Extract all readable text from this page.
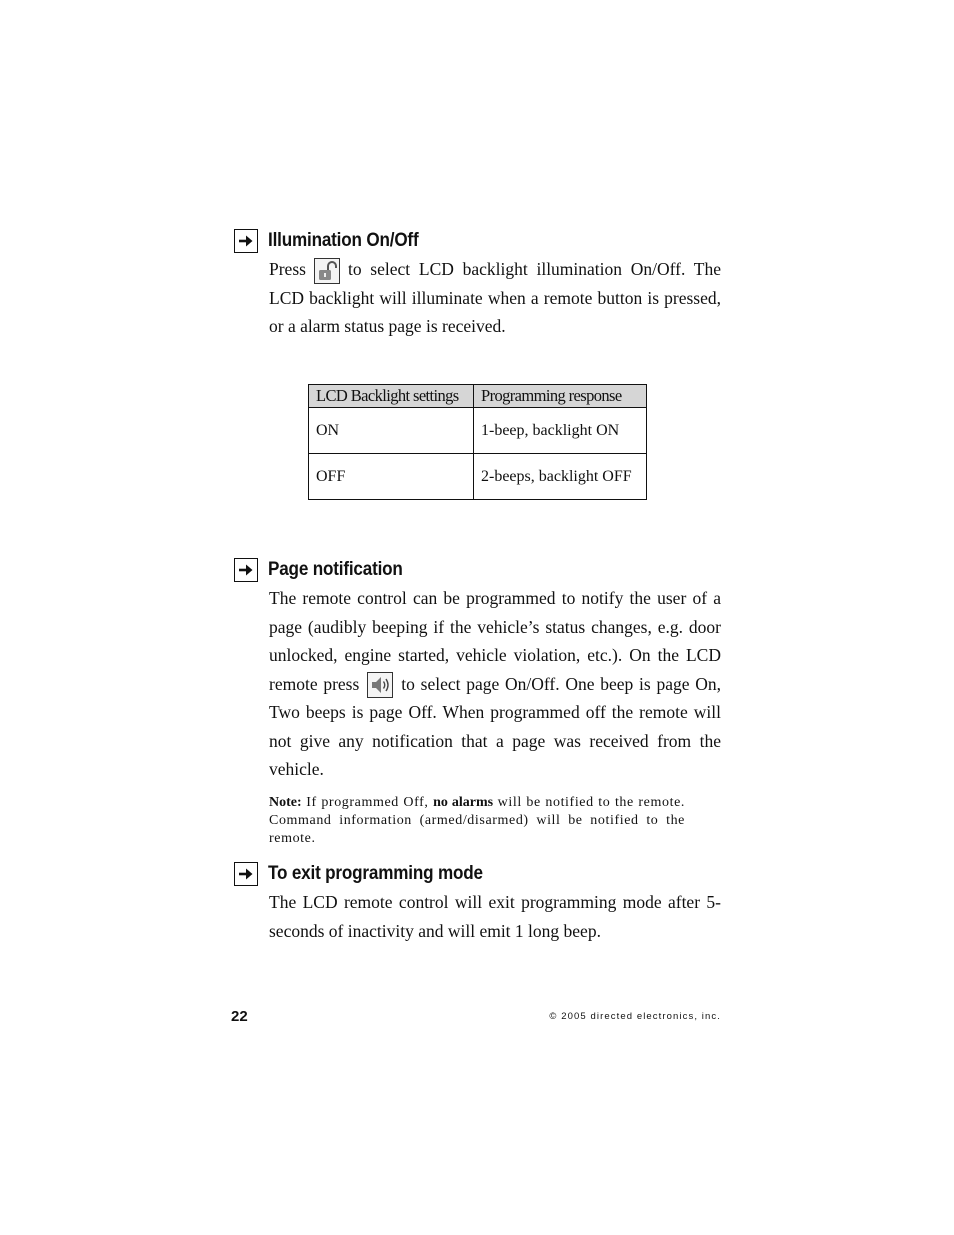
Illumination On/Off
Press to select LCD backlight illumination On/Off. The LCD backlight will illuminate when a remote button is pressed, or a alarm status page is received.
LCD Backlight settings	Programming response
ON	1-beep, backlight ON
OFF	2-beeps, backlight OFF
Page notification
The remote control can be programmed to notify the user of a page (audibly beeping if the vehicle’s status changes, e.g. door unlocked, engine started, vehicle violation, etc.). On the LCD remote press to select page On/Off. One beep is page On, Two beeps is page Off. When programmed off the remote will not give any notification that a page was received from the vehicle.
Note: If programmed Off, no alarms will be notified to the remote. Command information (armed/disarmed) will be notified to the remote.
To exit programming mode
The LCD remote control will exit programming mode after 5-seconds of inactivity and will emit 1 long beep.
22	© 2005 directed electronics, inc.
